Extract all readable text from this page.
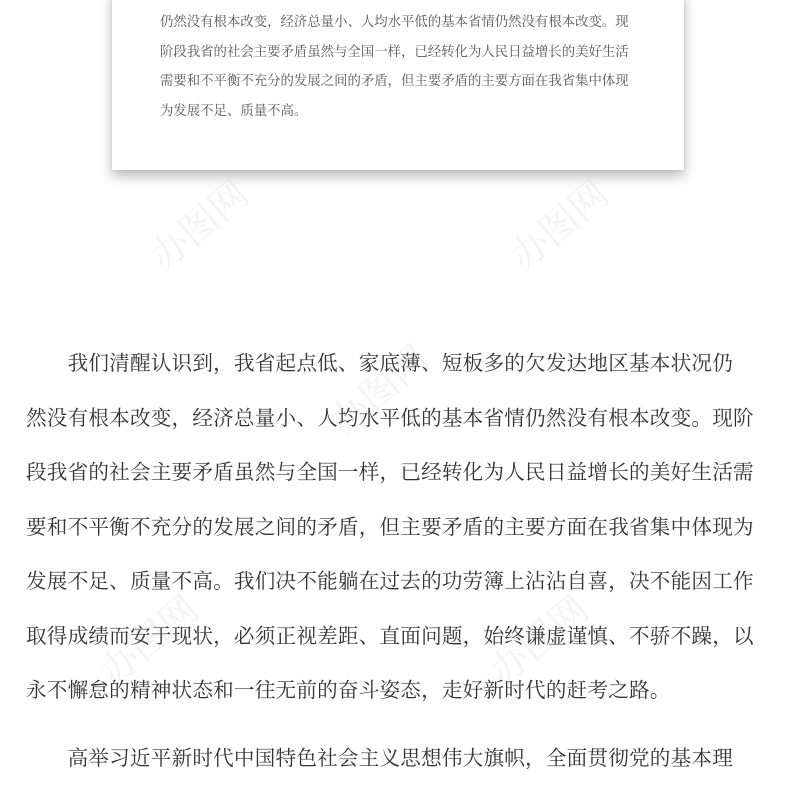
仍然没有根本改变，经济总量小、人均水平低的基本省情仍然没有根本改变。现
阶段我省的社会主要矛盾虽然与全国一样，已经转化为人民日益增长的美好生活
需要和不平衡不充分的发展之间的矛盾，但主要矛盾的主要方面在我省集中体现
为发展不足、质量不高。

　　我们清醒认识到，我省起点低、家底薄、短板多的欠发达地区基本状况仍
然没有根本改变，经济总量小、人均水平低的基本省情仍然没有根本改变。现阶
段我省的社会主要矛盾虽然与全国一样，已经转化为人民日益增长的美好生活需
要和不平衡不充分的发展之间的矛盾，但主要矛盾的主要方面在我省集中体现为
发展不足、质量不高。我们决不能躺在过去的功劳簿上沾沾自喜，决不能因工作
取得成绩而安于现状，必须正视差距、直面问题，始终谦虚谨慎、不骄不躁，以
永不懈怠的精神状态和一往无前的奋斗姿态，走好新时代的赶考之路。

　　高举习近平新时代中国特色社会主义思想伟大旗帜，全面贯彻党的基本理

办图网	办图网
办图网
办图网	办图网
